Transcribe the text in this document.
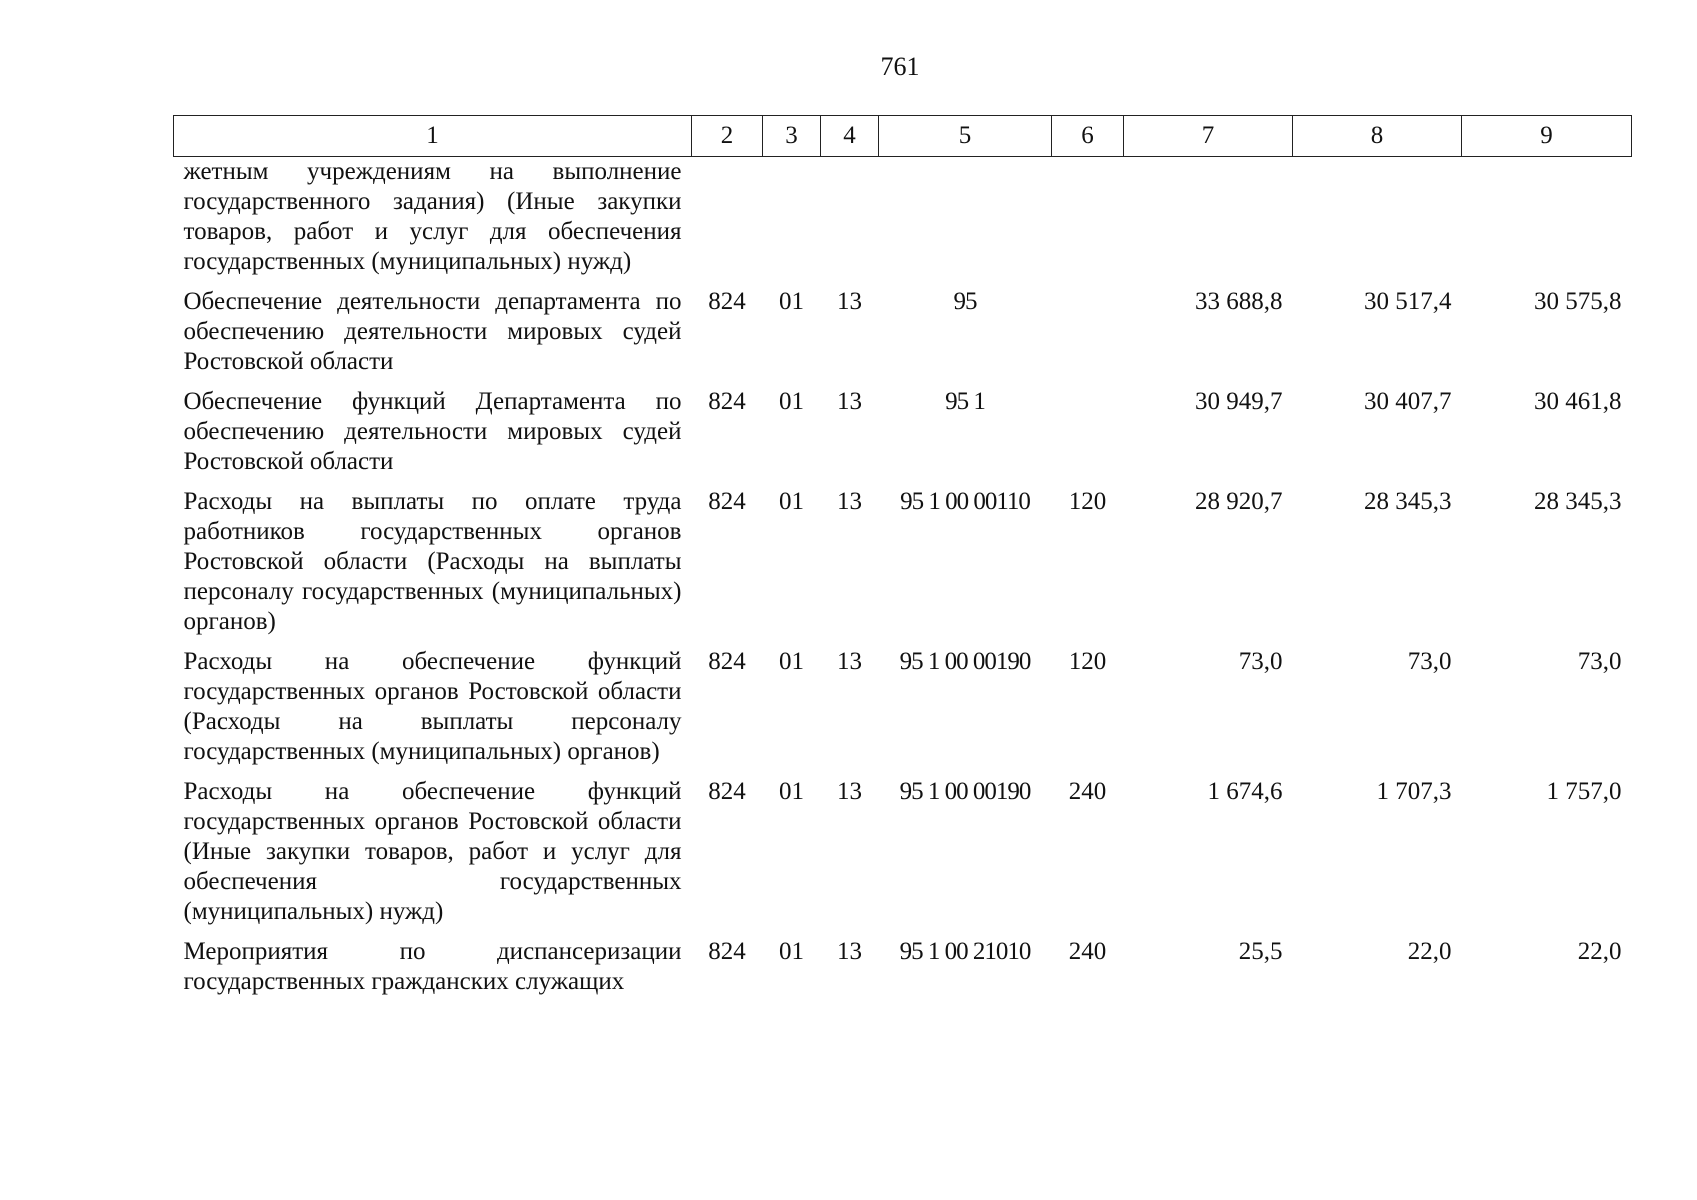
761
1	2	3	4	5	6	7	8	9
жетным учреждениям на выполнение государственного задания) (Иные закупки товаров, работ и услуг для обеспечения государственных (муниципальных) нужд)								
Обеспечение деятельности департамента по обеспечению деятельности мировых судей Ростовской области	824	01	13	95		33 688,8	30 517,4	30 575,8
Обеспечение функций Департамента по обеспечению деятельности мировых судей Ростовской области	824	01	13	95 1		30 949,7	30 407,7	30 461,8
Расходы на выплаты по оплате труда работников государственных органов Ростовской области (Расходы на выплаты персоналу государственных (муниципальных) органов)	824	01	13	95 1 00 00110	120	28 920,7	28 345,3	28 345,3
Расходы на обеспечение функций государственных органов Ростовской области (Расходы на выплаты персоналу государственных (муниципальных) органов)	824	01	13	95 1 00 00190	120	73,0	73,0	73,0
Расходы на обеспечение функций государственных органов Ростовской области (Иные закупки товаров, работ и услуг для обеспечения государственных (муниципальных) нужд)	824	01	13	95 1 00 00190	240	1 674,6	1 707,3	1 757,0
Мероприятия по диспансеризации государственных гражданских служащих	824	01	13	95 1 00 21010	240	25,5	22,0	22,0
